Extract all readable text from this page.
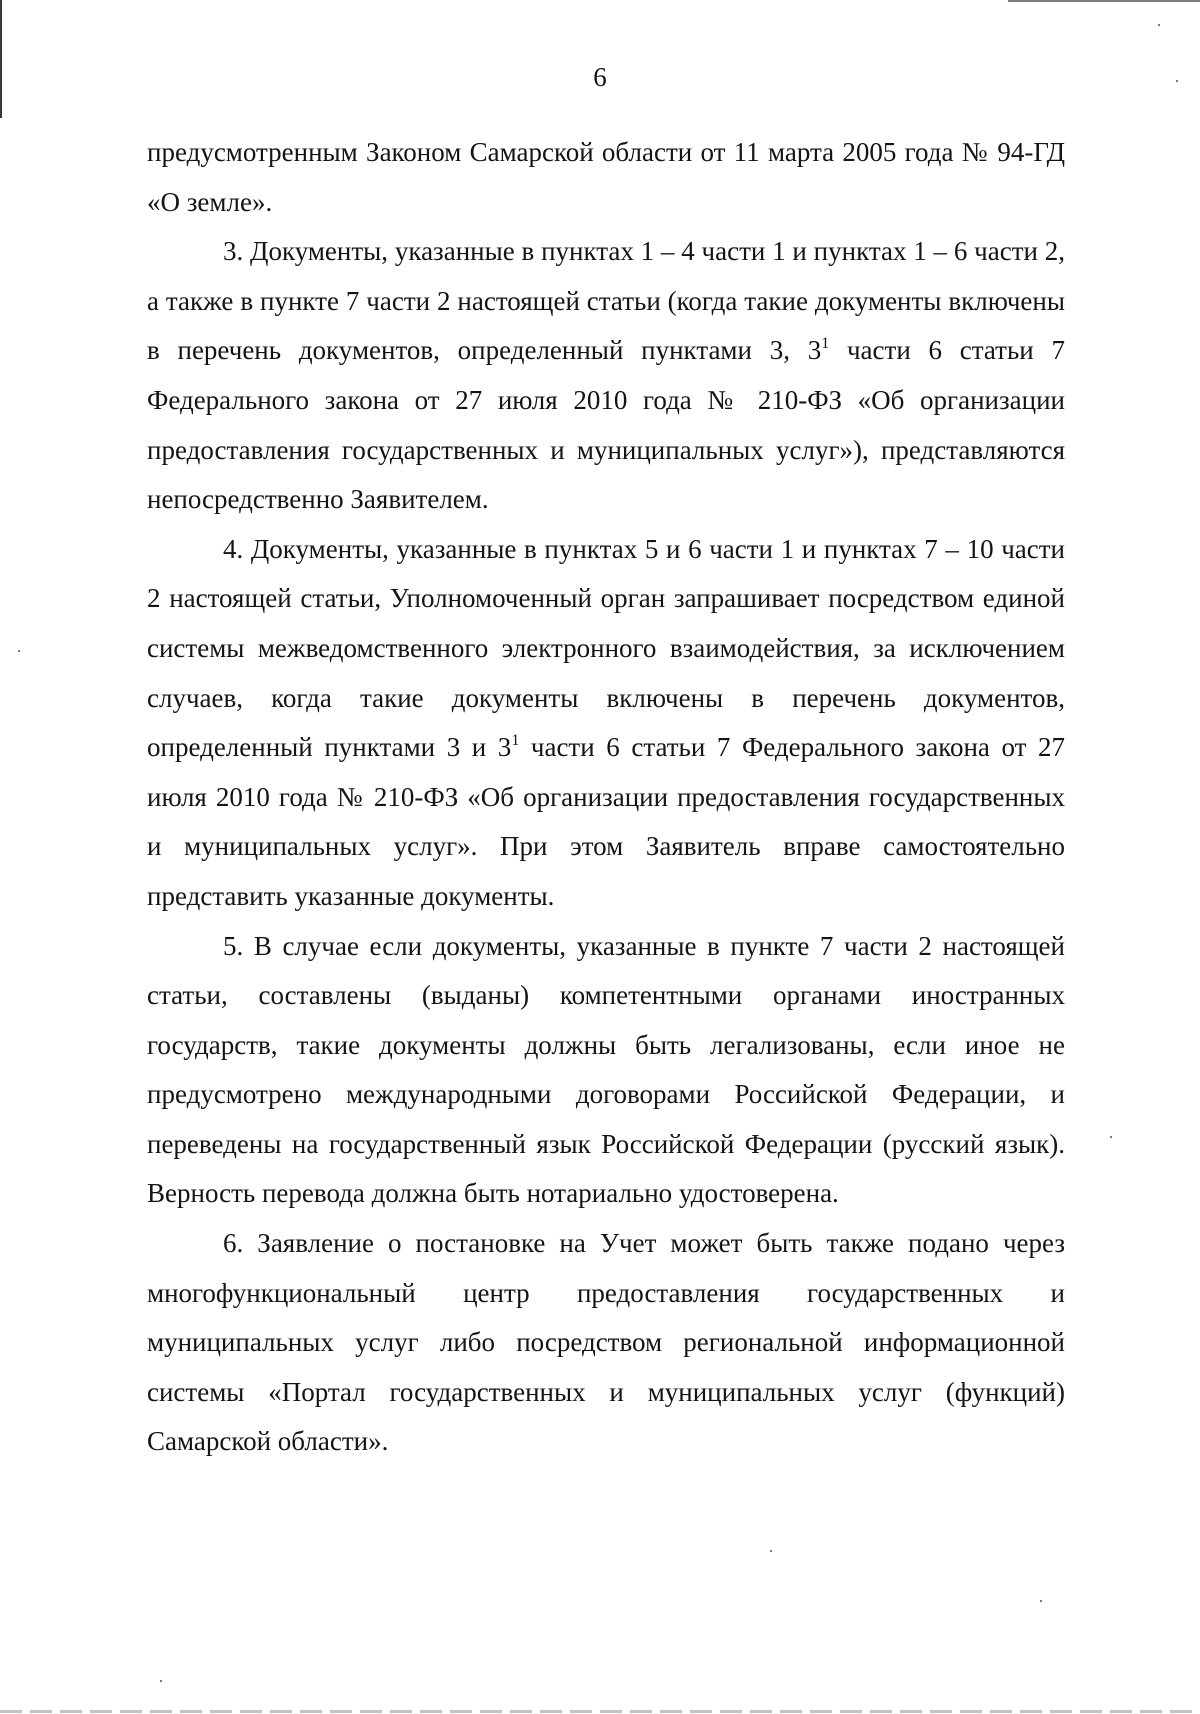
6

предусмотренным Законом Самарской области от 11 марта 2005 года № 94-ГД «О земле».

3. Документы, указанные в пунктах 1 – 4 части 1 и пунктах 1 – 6 части 2, а также в пункте 7 части 2 настоящей статьи (когда такие документы включены в перечень документов, определенный пунктами 3, $3^1$ части 6 статьи 7 Федерального закона от 27 июля 2010 года № 210-ФЗ «Об организации предоставления государственных и муниципальных услуг»), представляются непосредственно Заявителем.

4. Документы, указанные в пунктах 5 и 6 части 1 и пунктах 7 – 10 части 2 настоящей статьи, Уполномоченный орган запрашивает посредством единой системы межведомственного электронного взаимодействия, за исключением случаев, когда такие документы включены в перечень документов, определенный пунктами 3 и $3^1$ части 6 статьи 7 Федерального закона от 27 июля 2010 года № 210-ФЗ «Об организации предоставления государственных и муниципальных услуг». При этом Заявитель вправе самостоятельно представить указанные документы.

5. В случае если документы, указанные в пункте 7 части 2 настоящей статьи, составлены (выданы) компетентными органами иностранных государств, такие документы должны быть легализованы, если иное не предусмотрено международными договорами Российской Федерации, и переведены на государственный язык Российской Федерации (русский язык). Верность перевода должна быть нотариально удостоверена.

6. Заявление о постановке на Учет может быть также подано через многофункциональный центр предоставления государственных и муниципальных услуг либо посредством региональной информационной системы «Портал государственных и муниципальных услуг (функций) Самарской области».
